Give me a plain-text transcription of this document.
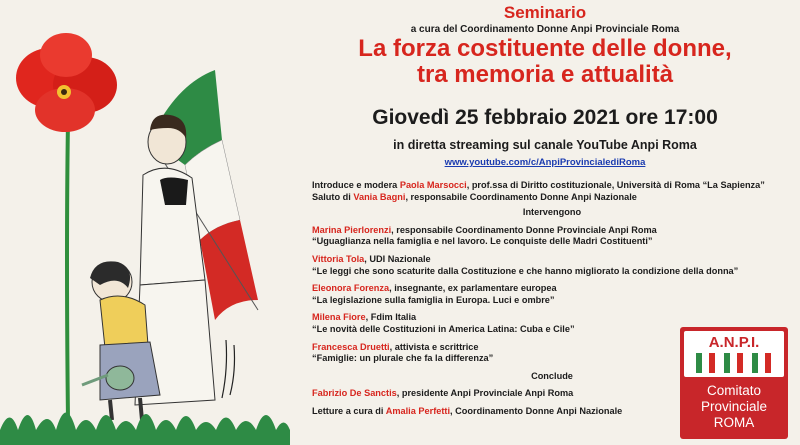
Seminario
a cura del Coordinamento Donne Anpi Provinciale Roma
La forza costituente delle donne,
tra memoria e attualità
Giovedì 25 febbraio 2021 ore 17:00
in diretta streaming sul canale YouTube Anpi Roma
www.youtube.com/c/AnpiProvincialediRoma
Introduce e modera Paola Marsocci, prof.ssa di Diritto costituzionale, Università di Roma “La Sapienza”
Saluto di Vania Bagni, responsabile Coordinamento Donne Anpi Nazionale
Intervengono
Marina Pierlorenzi, responsabile Coordinamento Donne Provinciale Anpi Roma
“Uguaglianza nella famiglia e nel lavoro. Le conquiste delle Madri Costituenti”
Vittoria Tola, UDI Nazionale
“Le leggi che sono scaturite dalla Costituzione e che hanno migliorato la condizione della donna”
Eleonora Forenza, insegnante, ex parlamentare europea
“La legislazione sulla famiglia in Europa. Luci e ombre”
Milena Fiore, Fdim Italia
“Le novità delle Costituzioni in America Latina: Cuba e Cile”
Francesca Druetti, attivista e scrittrice
“Famiglie: un plurale che fa la differenza”
Conclude
Fabrizio De Sanctis, presidente Anpi Provinciale Anpi Roma
Letture a cura di Amalia Perfetti, Coordinamento Donne Anpi Nazionale
A.N.P.I.
Comitato
Provinciale
ROMA
